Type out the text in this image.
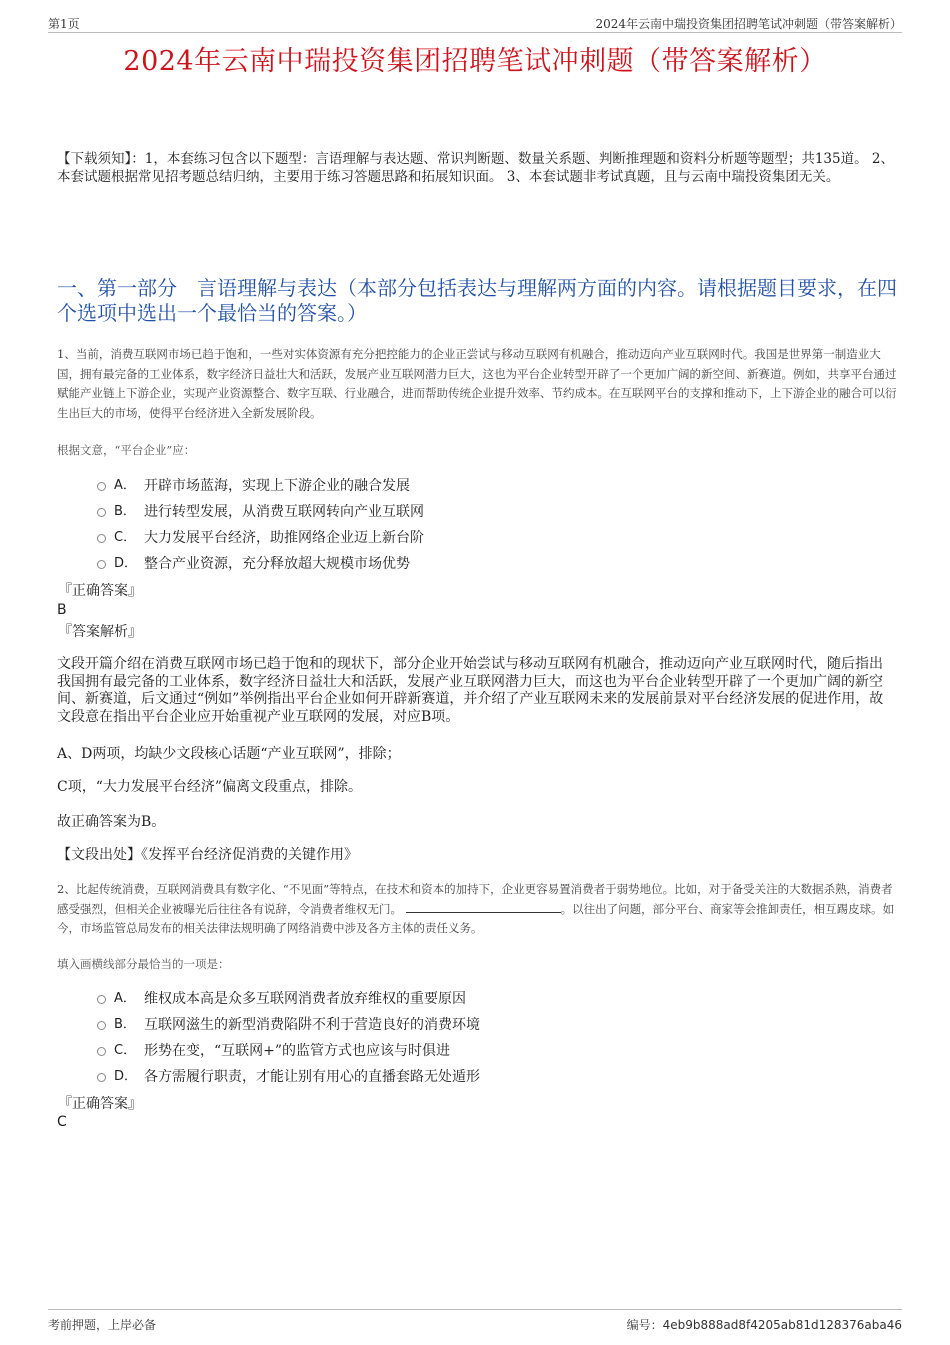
第1页	2024年云南中瑞投资集团招聘笔试冲刺题（带答案解析）
2024年云南中瑞投资集团招聘笔试冲刺题（带答案解析）
【下载须知】：1，本套练习包含以下题型：言语理解与表达题、常识判断题、数量关系题、判断推理题和资料分析题等题型；共135道。 2、本套试题根据常见招考题总结归纳，主要用于练习答题思路和拓展知识面。 3、本套试题非考试真题，且与云南中瑞投资集团无关。
一、第一部分　言语理解与表达（本部分包括表达与理解两方面的内容。请根据题目要求，在四个选项中选出一个最恰当的答案。）
1、当前，消费互联网市场已趋于饱和，一些对实体资源有充分把控能力的企业正尝试与移动互联网有机融合，推动迈向产业互联网时代。我国是世界第一制造业大国，拥有最完备的工业体系，数字经济日益壮大和活跃，发展产业互联网潜力巨大，这也为平台企业转型开辟了一个更加广阔的新空间、新赛道。例如，共享平台通过赋能产业链上下游企业，实现产业资源整合、数字互联、行业融合，进而帮助传统企业提升效率、节约成本。在互联网平台的支撑和推动下，上下游企业的融合可以衍生出巨大的市场，使得平台经济进入全新发展阶段。
根据文意，“平台企业”应：
A． 开辟市场蓝海，实现上下游企业的融合发展
B． 进行转型发展，从消费互联网转向产业互联网
C． 大力发展平台经济，助推网络企业迈上新台阶
D． 整合产业资源，充分释放超大规模市场优势
『正确答案』
B
『答案解析』
文段开篇介绍在消费互联网市场已趋于饱和的现状下，部分企业开始尝试与移动互联网有机融合，推动迈向产业互联网时代，随后指出我国拥有最完备的工业体系，数字经济日益壮大和活跃，发展产业互联网潜力巨大，而这也为平台企业转型开辟了一个更加广阔的新空间、新赛道，后文通过“例如”举例指出平台企业如何开辟新赛道，并介绍了产业互联网未来的发展前景对平台经济发展的促进作用，故文段意在指出平台企业应开始重视产业互联网的发展，对应B项。
A、D两项，均缺少文段核心话题“产业互联网”，排除；
C项，“大力发展平台经济”偏离文段重点，排除。
故正确答案为B。
【文段出处】《发挥平台经济促消费的关键作用》
2、比起传统消费，互联网消费具有数字化、“不见面”等特点，在技术和资本的加持下，企业更容易置消费者于弱势地位。比如，对于备受关注的大数据杀熟，消费者感受强烈，但相关企业被曝光后往往各有说辞，令消费者维权无门。	。以往出了问题，部分平台、商家等会推卸责任，相互踢皮球。如今，市场监管总局发布的相关法律法规明确了网络消费中涉及各方主体的责任义务。
填入画横线部分最恰当的一项是：
A． 维权成本高是众多互联网消费者放弃维权的重要原因
B． 互联网滋生的新型消费陷阱不利于营造良好的消费环境
C． 形势在变，“互联网+”的监管方式也应该与时俱进
D． 各方需履行职责，才能让别有用心的直播套路无处遁形
『正确答案』
C
考前押题，上岸必备	编号：4eb9b888ad8f4205ab81d128376aba46
